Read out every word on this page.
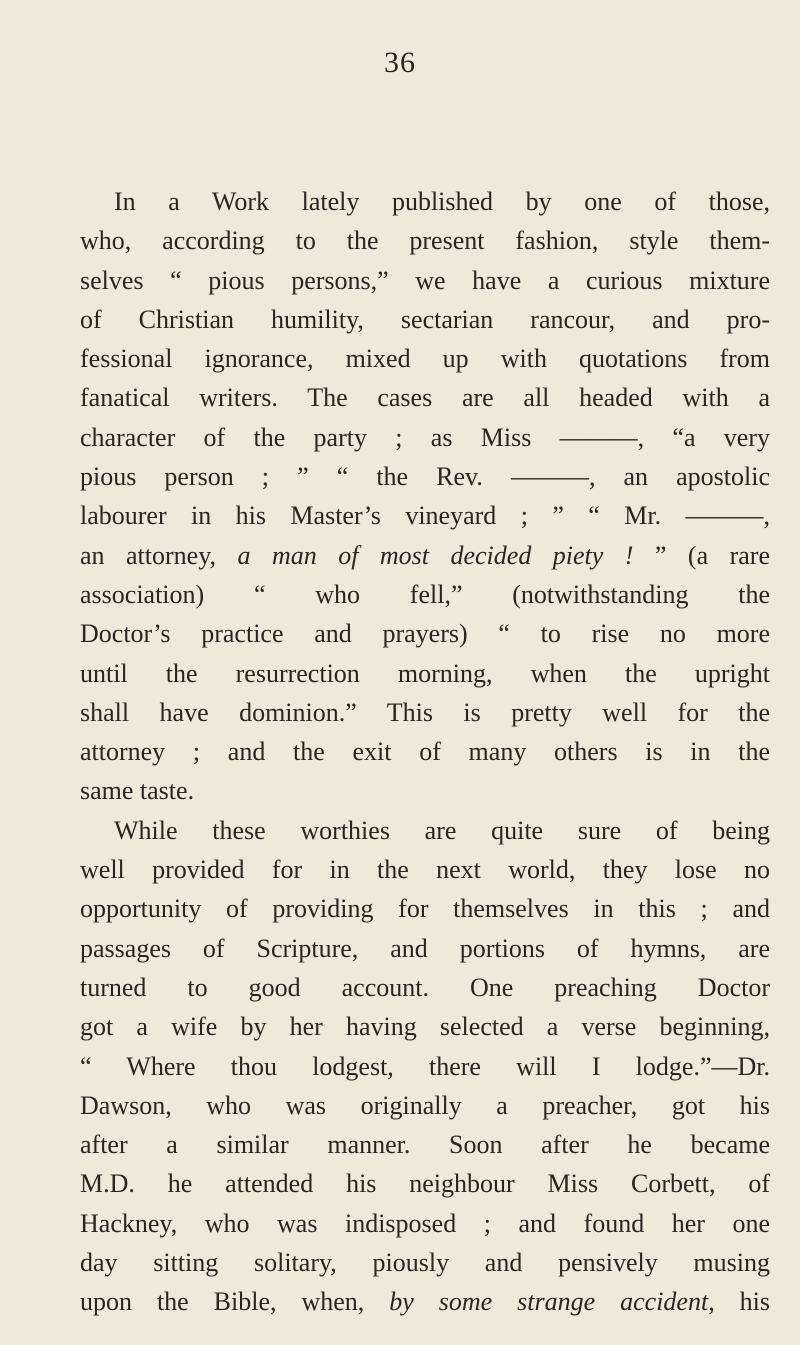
36
In a Work lately published by one of those,
who, according to the present fashion, style them-
selves “ pious persons,” we have a curious mixture
of Christian humility, sectarian rancour, and pro-
fessional ignorance, mixed up with quotations from
fanatical writers. The cases are all headed with a
character of the party ; as Miss ———, “a very
pious person ; ” “ the Rev. ———, an apostolic
labourer in his Master’s vineyard ; ” “ Mr. ———,
an attorney, a man of most decided piety ! ” (a rare
association) “ who fell,” (notwithstanding the
Doctor’s practice and prayers) “ to rise no more
until the resurrection morning, when the upright
shall have dominion.” This is pretty well for the
attorney ; and the exit of many others is in the
same taste.
While these worthies are quite sure of being
well provided for in the next world, they lose no
opportunity of providing for themselves in this ; and
passages of Scripture, and portions of hymns, are
turned to good account. One preaching Doctor
got a wife by her having selected a verse beginning,
“ Where thou lodgest, there will I lodge.”—Dr.
Dawson, who was originally a preacher, got his
after a similar manner. Soon after he became
M.D. he attended his neighbour Miss Corbett, of
Hackney, who was indisposed ; and found her one
day sitting solitary, piously and pensively musing
upon the Bible, when, by some strange accident, his
